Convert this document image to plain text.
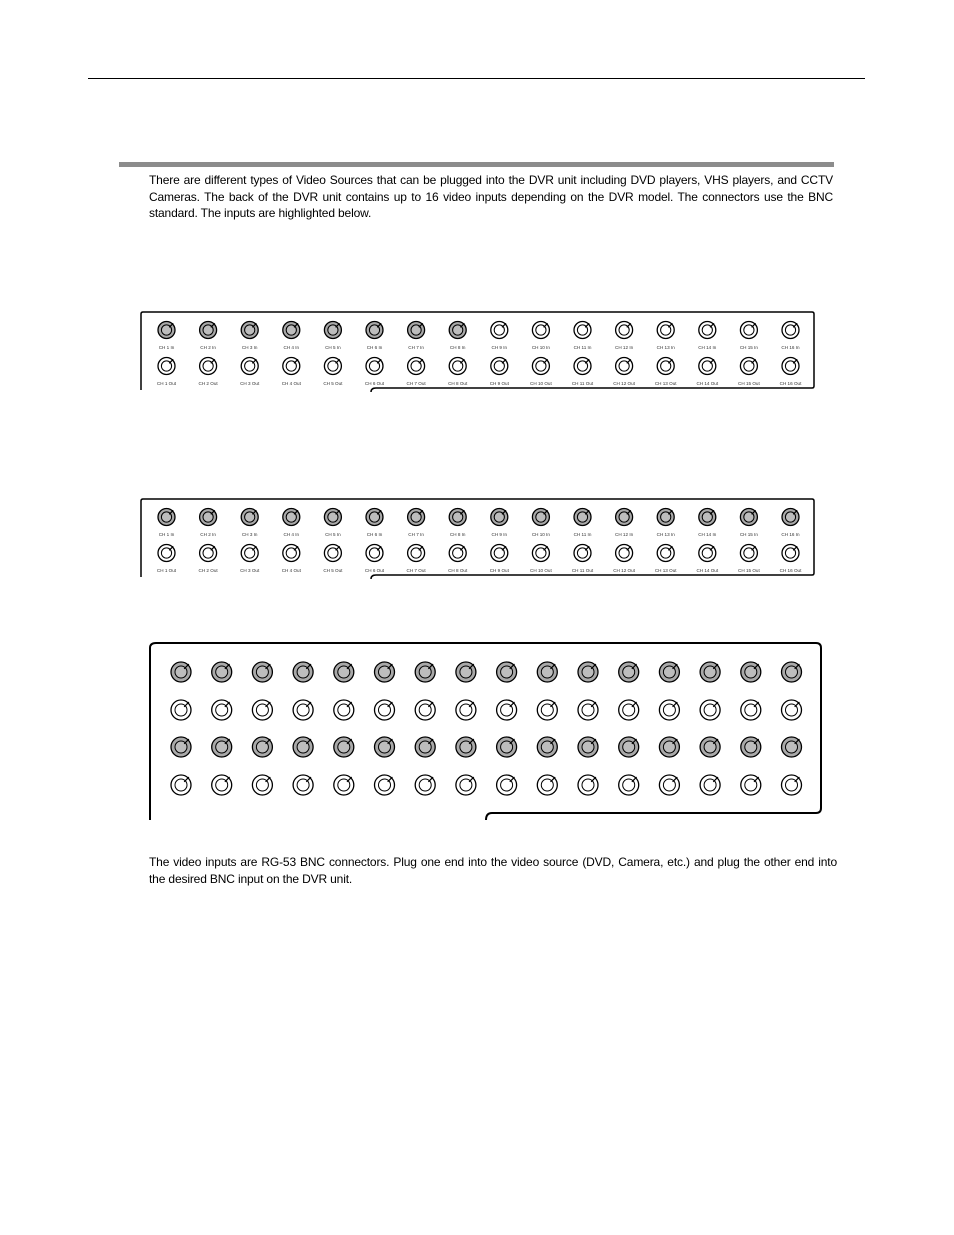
There are different types of Video Sources that can be plugged into the DVR unit including DVD players, VHS players, and CCTV Cameras. The back of the DVR unit contains up to 16 video inputs depending on the DVR model. The connectors use the BNC standard. The inputs are highlighted below.

CH 1 In
CH 1 Out
CH 2 In
CH 2 Out
CH 3 In
CH 3 Out
CH 4 In
CH 4 Out
CH 5 In
CH 5 Out
CH 6 In
CH 6 Out
CH 7 In
CH 7 Out
CH 8 In
CH 8 Out
CH 9 In
CH 9 Out
CH 10 In
CH 10 Out
CH 11 In
CH 11 Out
CH 12 In
CH 12 Out
CH 13 In
CH 13 Out
CH 14 In
CH 14 Out
CH 15 In
CH 15 Out
CH 16 In
CH 16 Out
CH 1 In
CH 1 Out
CH 2 In
CH 2 Out
CH 3 In
CH 3 Out
CH 4 In
CH 4 Out
CH 5 In
CH 5 Out
CH 6 In
CH 6 Out
CH 7 In
CH 7 Out
CH 8 In
CH 8 Out
CH 9 In
CH 9 Out
CH 10 In
CH 10 Out
CH 11 In
CH 11 Out
CH 12 In
CH 12 Out
CH 13 In
CH 13 Out
CH 14 In
CH 14 Out
CH 15 In
CH 15 Out
CH 16 In
CH 16 Out

The video inputs are RG-53 BNC connectors. Plug one end into the video source (DVD, Camera, etc.) and plug the other end into the desired BNC input on the DVR unit.
